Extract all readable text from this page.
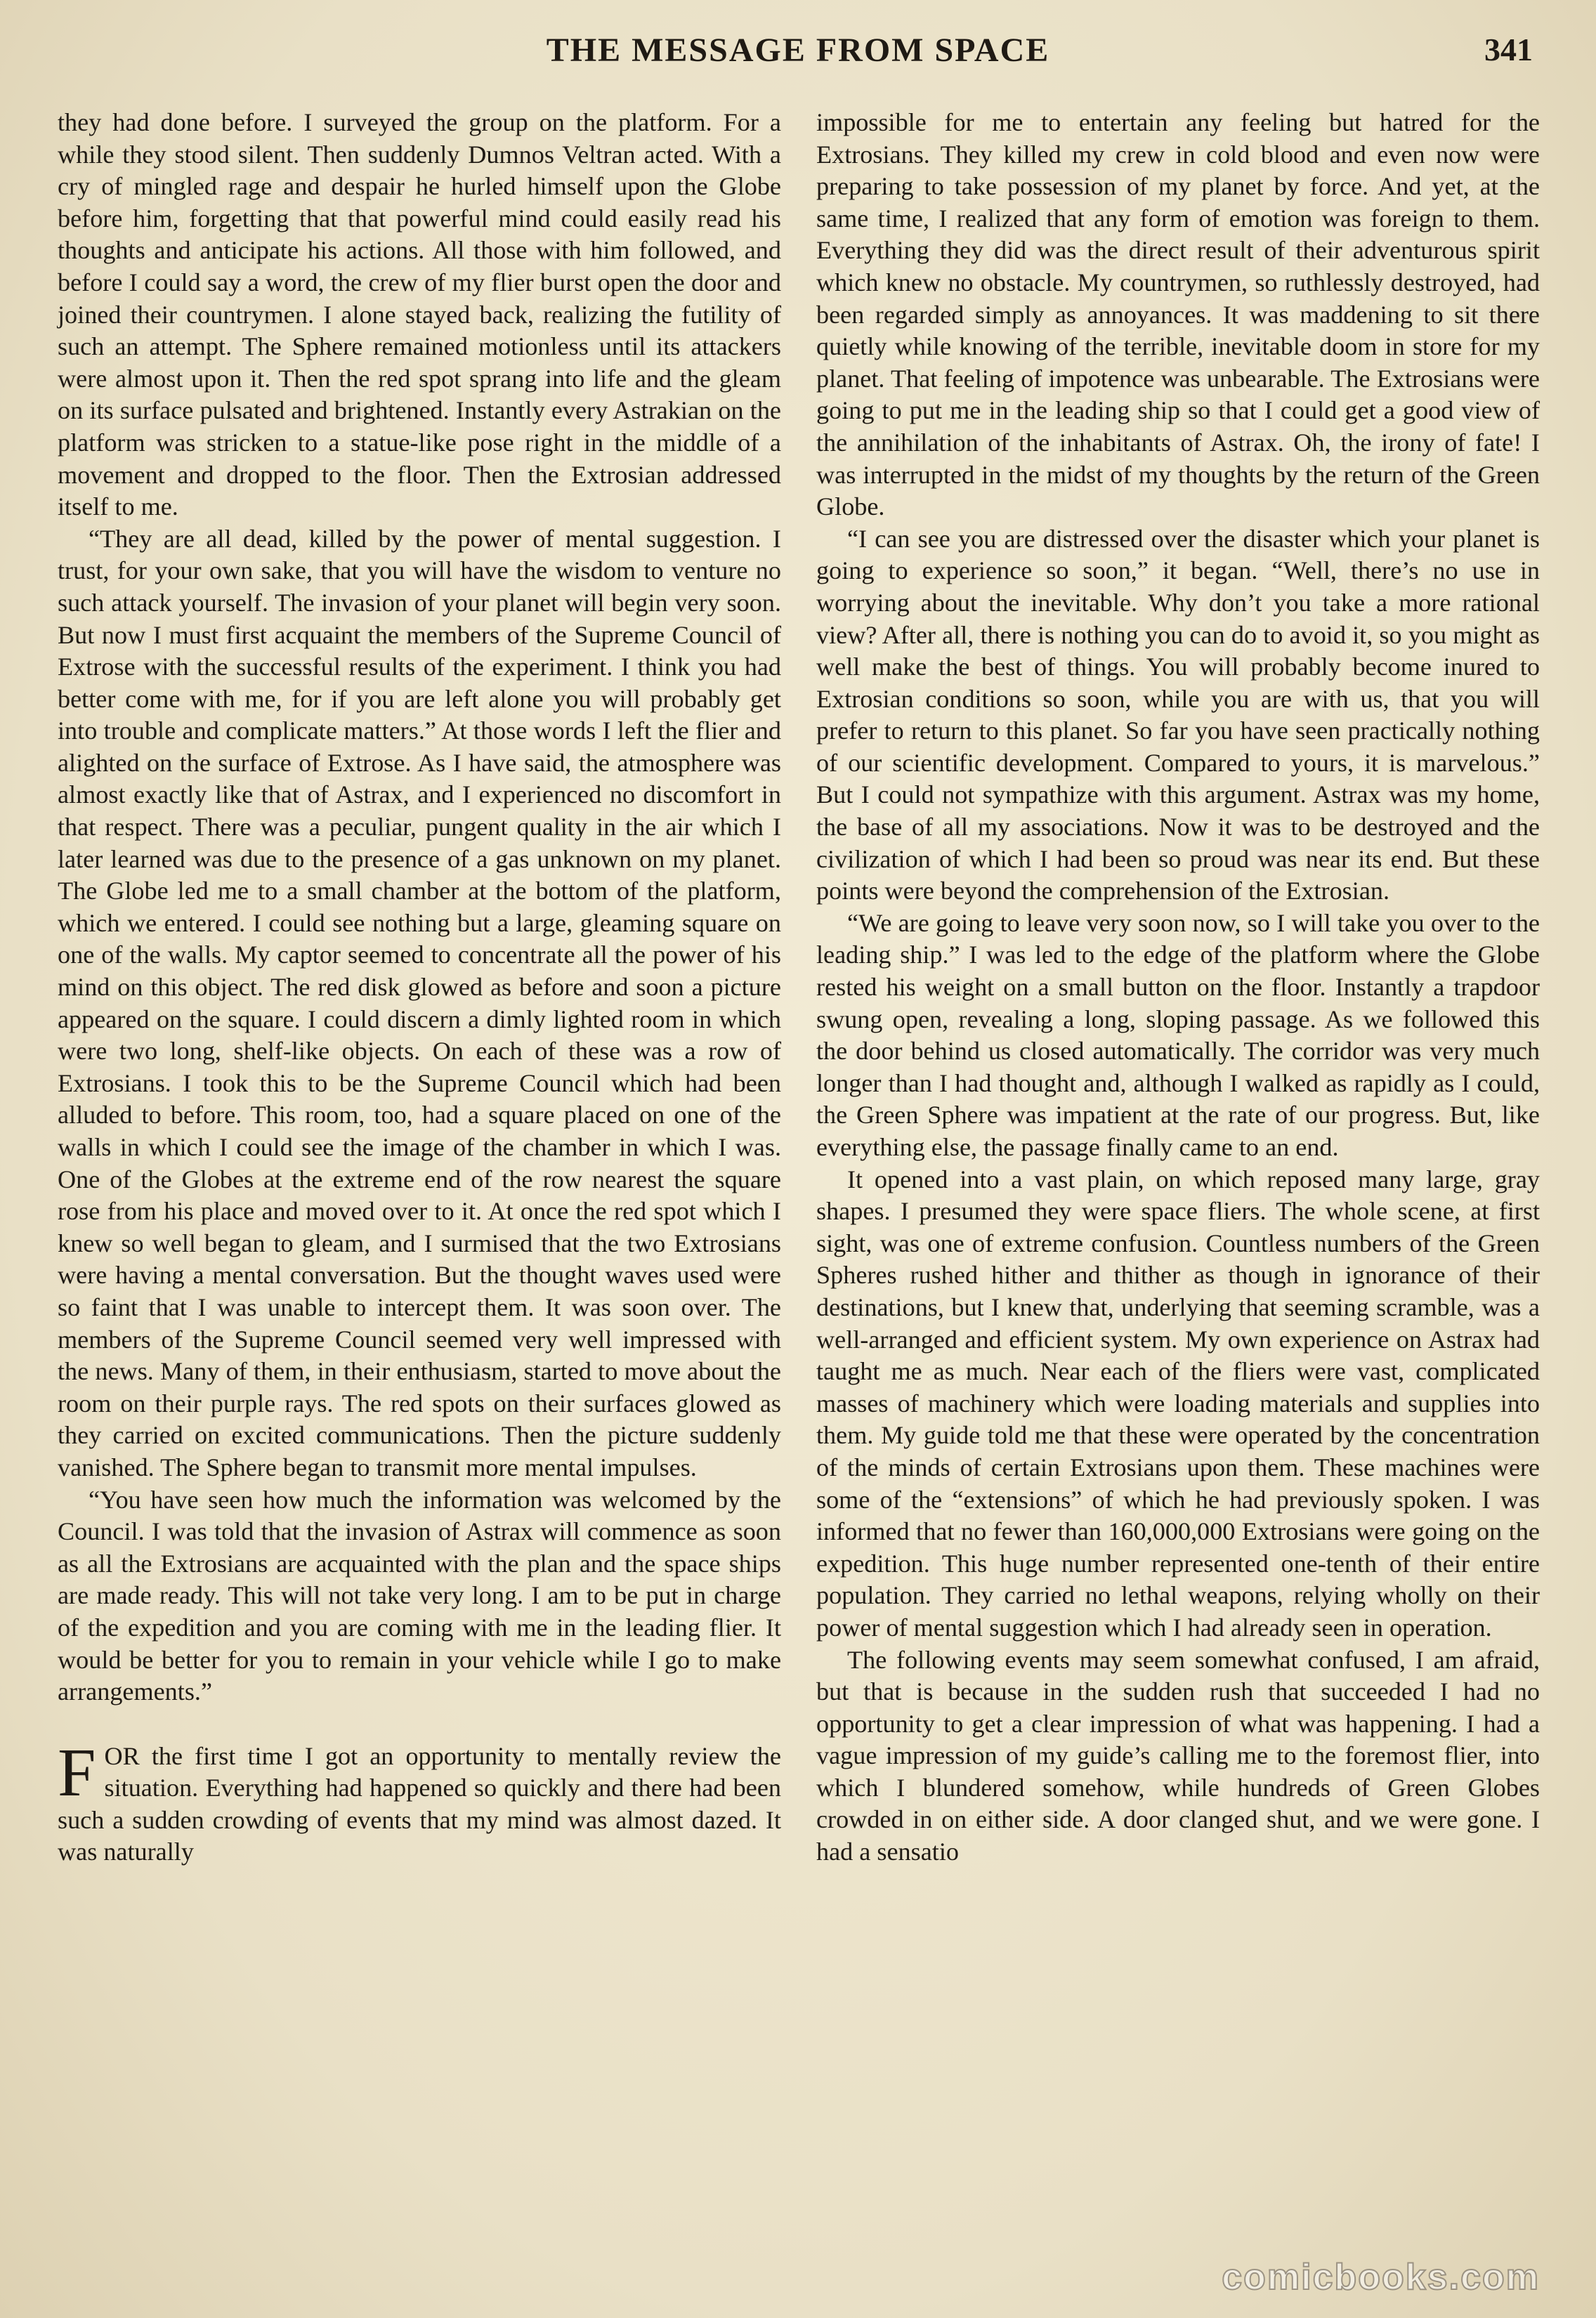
THE MESSAGE FROM SPACE	341

they had done before. I surveyed the group on the platform. For a while they stood silent. Then suddenly Dumnos Veltran acted. With a cry of mingled rage and despair he hurled himself upon the Globe before him, forgetting that that powerful mind could easily read his thoughts and anticipate his actions. All those with him followed, and before I could say a word, the crew of my flier burst open the door and joined their countrymen. I alone stayed back, realizing the futility of such an attempt. The Sphere remained motionless until its attackers were almost upon it. Then the red spot sprang into life and the gleam on its surface pulsated and brightened. Instantly every Astrakian on the platform was stricken to a statue-like pose right in the middle of a movement and dropped to the floor. Then the Extrosian addressed itself to me.

“They are all dead, killed by the power of mental suggestion. I trust, for your own sake, that you will have the wisdom to venture no such attack yourself. The invasion of your planet will begin very soon. But now I must first acquaint the members of the Supreme Council of Extrose with the successful results of the experiment. I think you had better come with me, for if you are left alone you will probably get into trouble and complicate matters.” At those words I left the flier and alighted on the surface of Extrose. As I have said, the atmosphere was almost exactly like that of Astrax, and I experienced no discomfort in that respect. There was a peculiar, pungent quality in the air which I later learned was due to the presence of a gas unknown on my planet. The Globe led me to a small chamber at the bottom of the platform, which we entered. I could see nothing but a large, gleaming square on one of the walls. My captor seemed to concentrate all the power of his mind on this object. The red disk glowed as before and soon a picture appeared on the square. I could discern a dimly lighted room in which were two long, shelf-like objects. On each of these was a row of Extrosians. I took this to be the Supreme Council which had been alluded to before. This room, too, had a square placed on one of the walls in which I could see the image of the chamber in which I was. One of the Globes at the extreme end of the row nearest the square rose from his place and moved over to it. At once the red spot which I knew so well began to gleam, and I surmised that the two Extrosians were having a mental conversation. But the thought waves used were so faint that I was unable to intercept them. It was soon over. The members of the Supreme Council seemed very well impressed with the news. Many of them, in their enthusiasm, started to move about the room on their purple rays. The red spots on their surfaces glowed as they carried on excited communications. Then the picture suddenly vanished. The Sphere began to transmit more mental impulses.

“You have seen how much the information was welcomed by the Council. I was told that the invasion of Astrax will commence as soon as all the Extrosians are acquainted with the plan and the space ships are made ready. This will not take very long. I am to be put in charge of the expedition and you are coming with me in the leading flier. It would be better for you to remain in your vehicle while I go to make arrangements.”

FOR the first time I got an opportunity to mentally review the situation. Everything had happened so quickly and there had been such a sudden crowding of events that my mind was almost dazed. It was naturally

impossible for me to entertain any feeling but hatred for the Extrosians. They killed my crew in cold blood and even now were preparing to take possession of my planet by force. And yet, at the same time, I realized that any form of emotion was foreign to them. Everything they did was the direct result of their adventurous spirit which knew no obstacle. My countrymen, so ruthlessly destroyed, had been regarded simply as annoyances. It was maddening to sit there quietly while knowing of the terrible, inevitable doom in store for my planet. That feeling of impotence was unbearable. The Extrosians were going to put me in the leading ship so that I could get a good view of the annihilation of the inhabitants of Astrax. Oh, the irony of fate! I was interrupted in the midst of my thoughts by the return of the Green Globe.

“I can see you are distressed over the disaster which your planet is going to experience so soon,” it began. “Well, there’s no use in worrying about the inevitable. Why don’t you take a more rational view? After all, there is nothing you can do to avoid it, so you might as well make the best of things. You will probably become inured to Extrosian conditions so soon, while you are with us, that you will prefer to return to this planet. So far you have seen practically nothing of our scientific development. Compared to yours, it is marvelous.” But I could not sympathize with this argument. Astrax was my home, the base of all my associations. Now it was to be destroyed and the civilization of which I had been so proud was near its end. But these points were beyond the comprehension of the Extrosian.

“We are going to leave very soon now, so I will take you over to the leading ship.” I was led to the edge of the platform where the Globe rested his weight on a small button on the floor. Instantly a trapdoor swung open, revealing a long, sloping passage. As we followed this the door behind us closed automatically. The corridor was very much longer than I had thought and, although I walked as rapidly as I could, the Green Sphere was impatient at the rate of our progress. But, like everything else, the passage finally came to an end.

It opened into a vast plain, on which reposed many large, gray shapes. I presumed they were space fliers. The whole scene, at first sight, was one of extreme confusion. Countless numbers of the Green Spheres rushed hither and thither as though in ignorance of their destinations, but I knew that, underlying that seeming scramble, was a well-arranged and efficient system. My own experience on Astrax had taught me as much. Near each of the fliers were vast, complicated masses of machinery which were loading materials and supplies into them. My guide told me that these were operated by the concentration of the minds of certain Extrosians upon them. These machines were some of the “extensions” of which he had previously spoken. I was informed that no fewer than 160,000,000 Extrosians were going on the expedition. This huge number represented one-tenth of their entire population. They carried no lethal weapons, relying wholly on their power of mental suggestion which I had already seen in operation.

The following events may seem somewhat confused, I am afraid, but that is because in the sudden rush that succeeded I had no opportunity to get a clear impression of what was happening. I had a vague impression of my guide’s calling me to the foremost flier, into which I blundered somehow, while hundreds of Green Globes crowded in on either side. A door clanged shut, and we were gone. I had a sensatio

comicbooks.com
